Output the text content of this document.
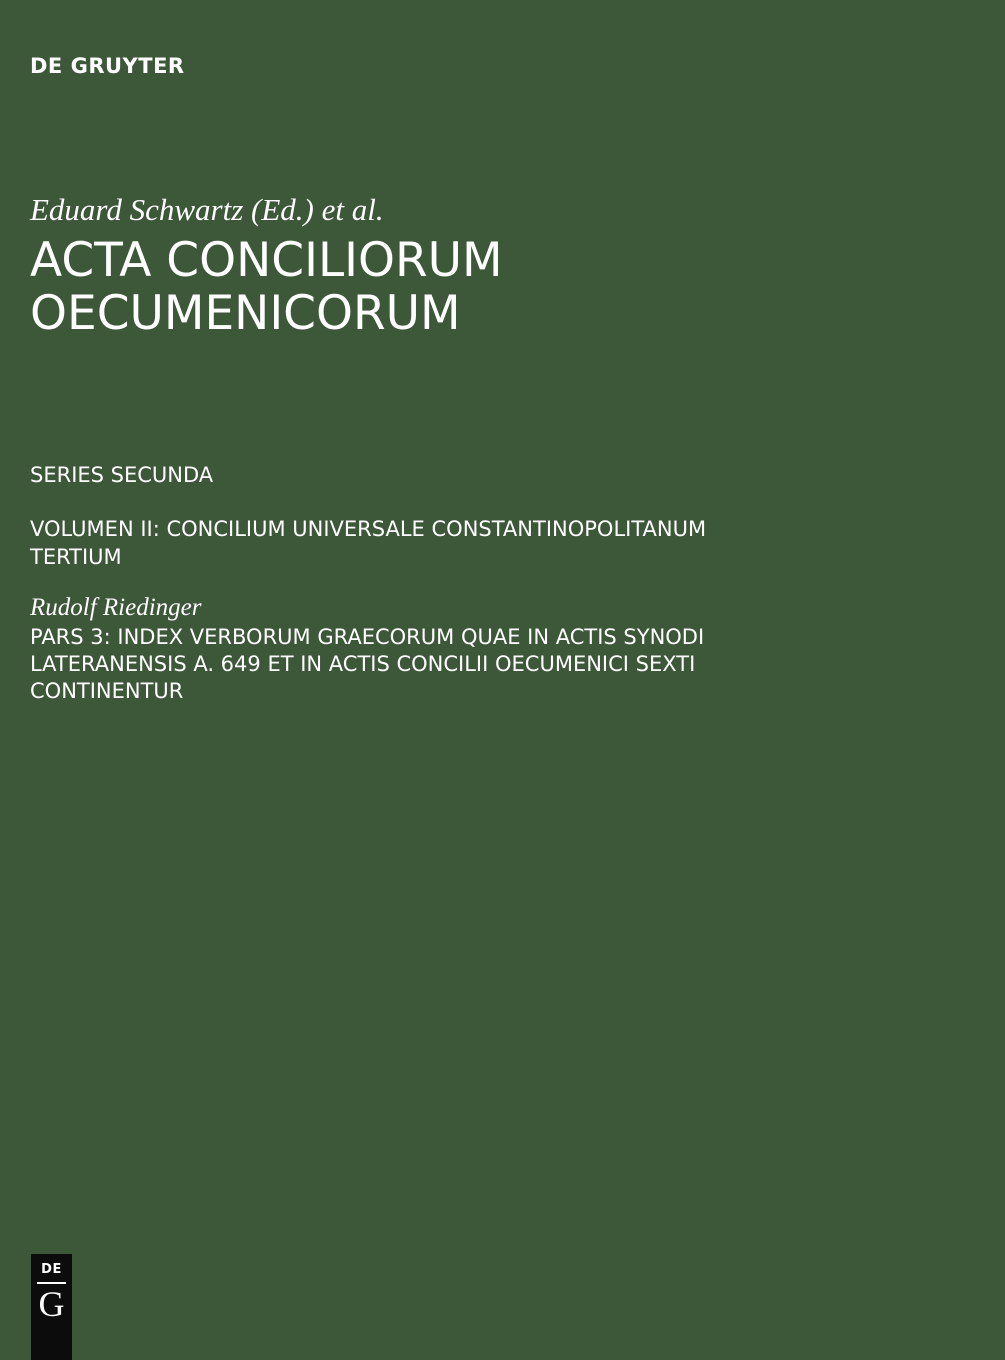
DE GRUYTER
Eduard Schwartz (Ed.) et al.
ACTA CONCILIORUM
OECUMENICORUM
SERIES SECUNDA
VOLUMEN II: CONCILIUM UNIVERSALE CONSTANTINOPOLITANUM
TERTIUM
Rudolf Riedinger
PARS 3: INDEX VERBORUM GRAECORUM QUAE IN ACTIS SYNODI
LATERANENSIS A. 649 ET IN ACTIS CONCILII OECUMENICI SEXTI
CONTINENTUR
DE
G
